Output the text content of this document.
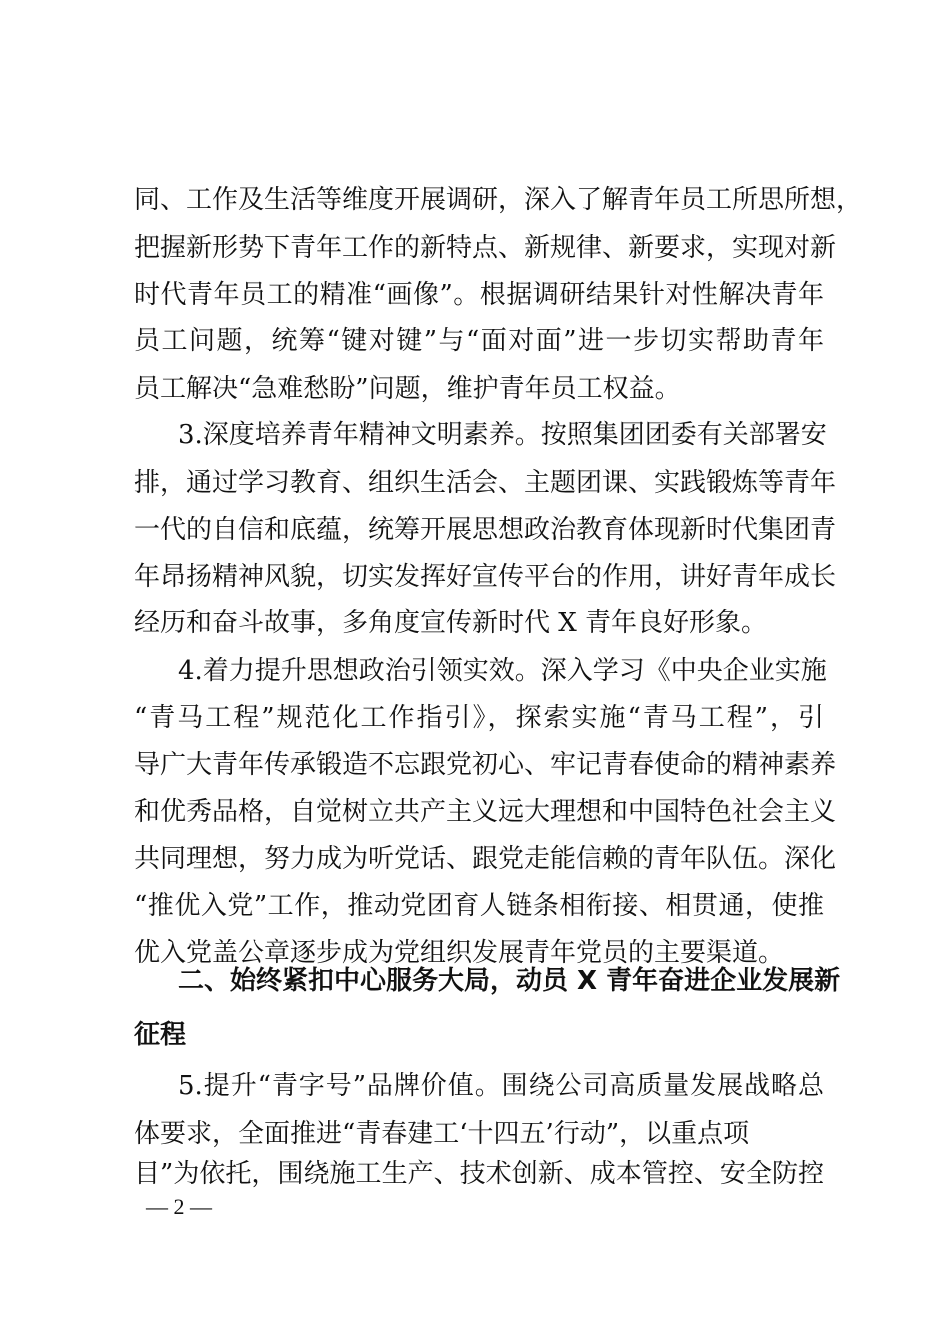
同、工作及生活等维度开展调研，深入了解青年员工所思所想，
把握新形势下青年工作的新特点、新规律、新要求，实现对新
时代青年员工的精准“画像”。根据调研结果针对性解决青年
员工问题，统筹“键对键”与“面对面”进一步切实帮助青年
员工解决“急难愁盼”问题，维护青年员工权益。
3.深度培养青年精神文明素养。按照集团团委有关部署安
排，通过学习教育、组织生活会、主题团课、实践锻炼等青年
一代的自信和底蕴，统筹开展思想政治教育体现新时代集团青
年昂扬精神风貌，切实发挥好宣传平台的作用，讲好青年成长
经历和奋斗故事，多角度宣传新时代 X 青年良好形象。
4.着力提升思想政治引领实效。深入学习《中央企业实施
“青马工程”规范化工作指引》，探索实施“青马工程”，引
导广大青年传承锻造不忘跟党初心、牢记青春使命的精神素养
和优秀品格，自觉树立共产主义远大理想和中国特色社会主义
共同理想，努力成为听党话、跟党走能信赖的青年队伍。深化
“推优入党”工作，推动党团育人链条相衔接、相贯通，使推
优入党盖公章逐步成为党组织发展青年党员的主要渠道。
二、始终紧扣中心服务大局，动员 X 青年奋进企业发展新
征程
5.提升“青字号”品牌价值。围绕公司高质量发展战略总
体要求，全面推进“青春建工‘十四五’行动”，以重点项
目”为依托，围绕施工生产、技术创新、成本管控、安全防控
— 2 —
